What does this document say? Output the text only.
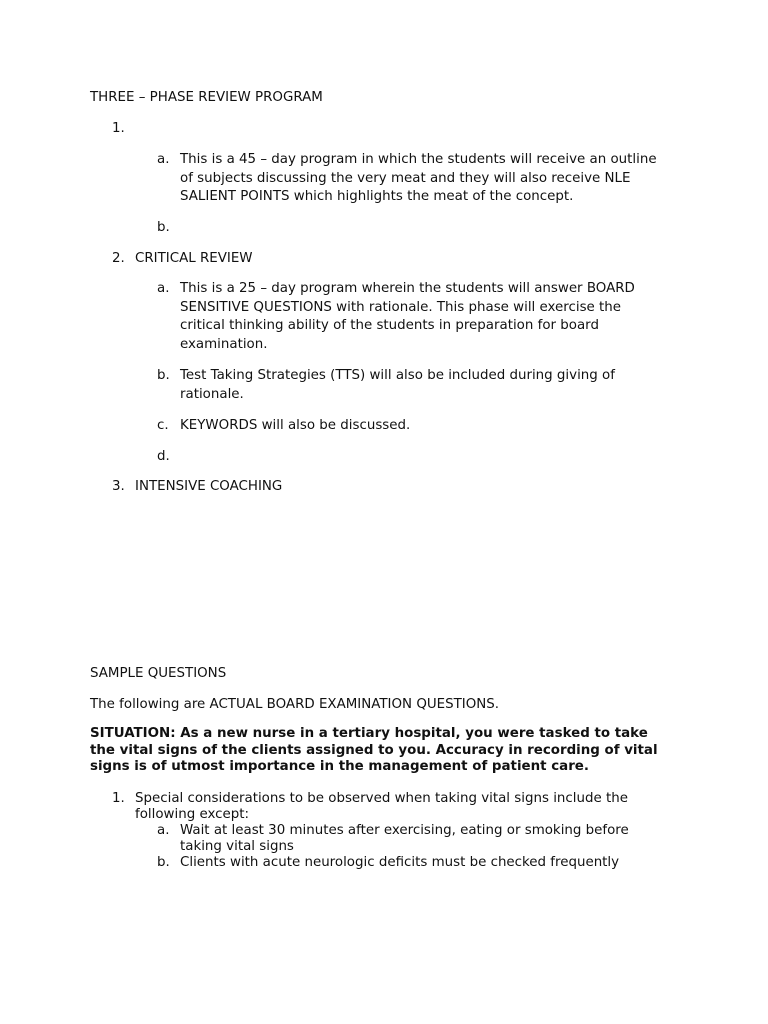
THREE – PHASE REVIEW PROGRAM
1.
a. This is a 45 – day program in which the students will receive an outline
of subjects discussing the very meat and they will also receive NLE
SALIENT POINTS which highlights the meat of the concept.
b.
2. CRITICAL REVIEW
a. This is a 25 – day program wherein the students will answer BOARD
SENSITIVE QUESTIONS with rationale. This phase will exercise the
critical thinking ability of the students in preparation for board
examination.
b. Test Taking Strategies (TTS) will also be included during giving of
rationale.
c. KEYWORDS will also be discussed.
d.
3. INTENSIVE COACHING
SAMPLE QUESTIONS
The following are ACTUAL BOARD EXAMINATION QUESTIONS.
SITUATION: As a new nurse in a tertiary hospital, you were tasked to take
the vital signs of the clients assigned to you. Accuracy in recording of vital
signs is of utmost importance in the management of patient care.
1. Special considerations to be observed when taking vital signs include the
following except:
a. Wait at least 30 minutes after exercising, eating or smoking before
taking vital signs
b. Clients with acute neurologic deficits must be checked frequently
